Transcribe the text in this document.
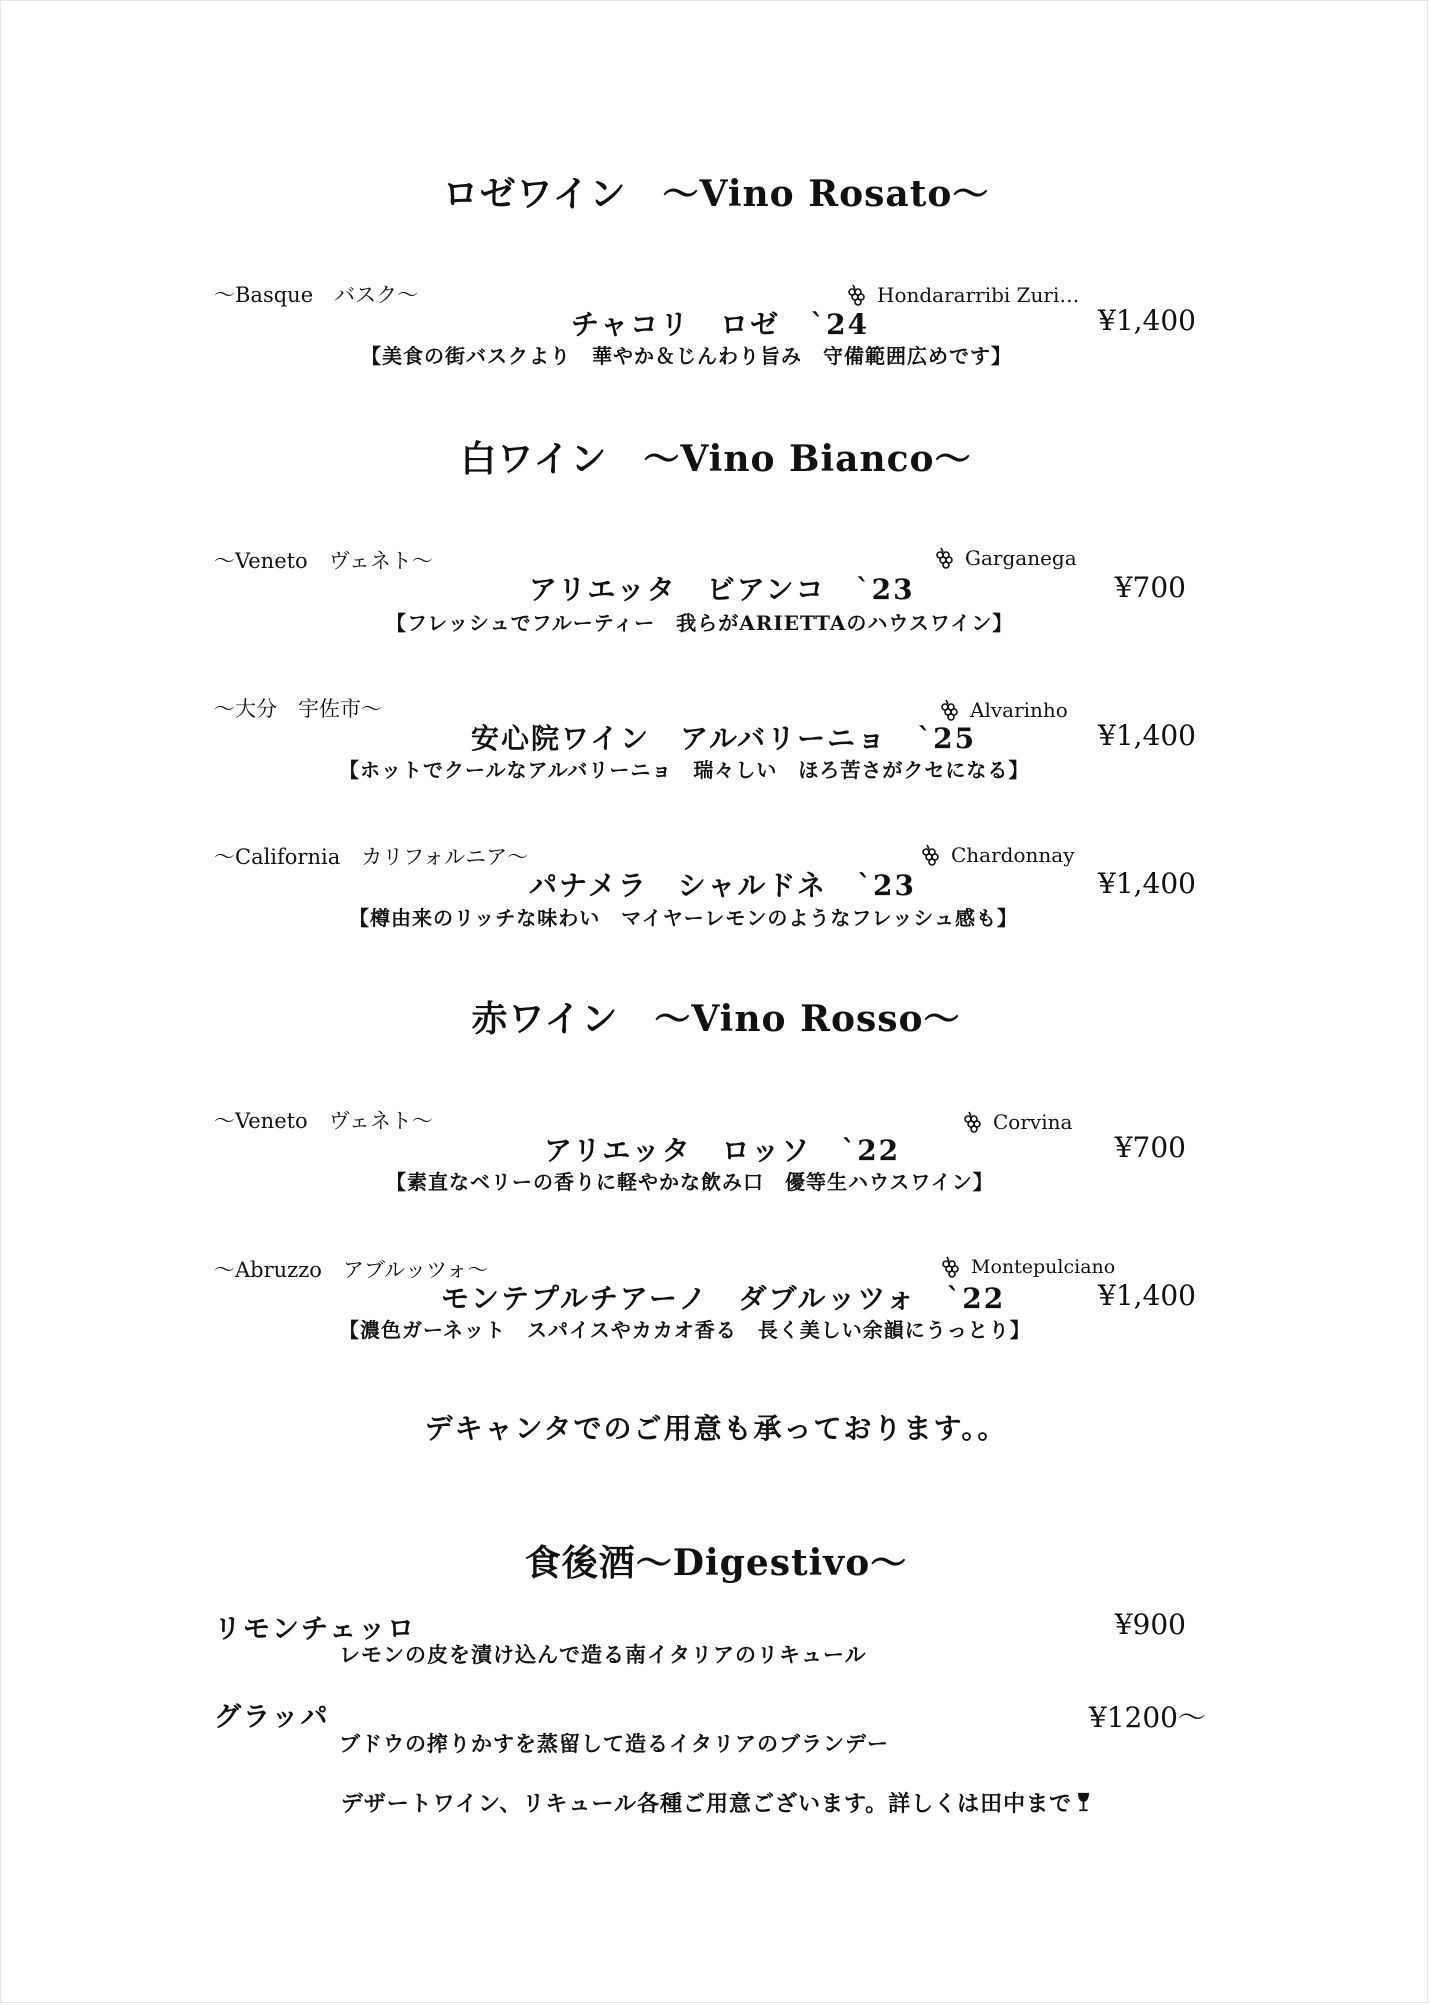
ロゼワイン 〜Vino Rosato〜
〜Basque　バスク〜	Hondararribi Zuri…
チャコリ　ロゼ　`24	¥1,400
【美食の街バスクより　華やか＆じんわり旨み　守備範囲広めです】
白ワイン 〜Vino Bianco〜
〜Veneto　ヴェネト〜	Garganega
アリエッタ　ビアンコ　`23	¥700
【フレッシュでフルーティー　我らがARIETTAのハウスワイン】
〜大分　宇佐市〜	Alvarinho
安心院ワイン　アルバリーニョ　`25	¥1,400
【ホットでクールなアルバリーニョ　瑞々しい　ほろ苦さがクセになる】
〜California　カリフォルニア〜	Chardonnay
パナメラ　シャルドネ　`23	¥1,400
【樽由来のリッチな味わい　マイヤーレモンのようなフレッシュ感も】
赤ワイン 〜Vino Rosso〜
〜Veneto　ヴェネト〜	Corvina
アリエッタ　ロッソ　`22	¥700
【素直なベリーの香りに軽やかな飲み口　優等生ハウスワイン】
〜Abruzzo　アブルッツォ〜	Montepulciano
モンテプルチアーノ　ダブルッツォ　`22	¥1,400
【濃色ガーネット　スパイスやカカオ香る　長く美しい余韻にうっとり】
デキャンタでのご用意も承っております。。
食後酒〜Digestivo〜
リモンチェッロ	¥900
レモンの皮を漬け込んで造る南イタリアのリキュール
グラッパ	¥1200〜
ブドウの搾りかすを蒸留して造るイタリアのブランデー
デザートワイン、リキュール各種ご用意ございます。詳しくは田中まで
